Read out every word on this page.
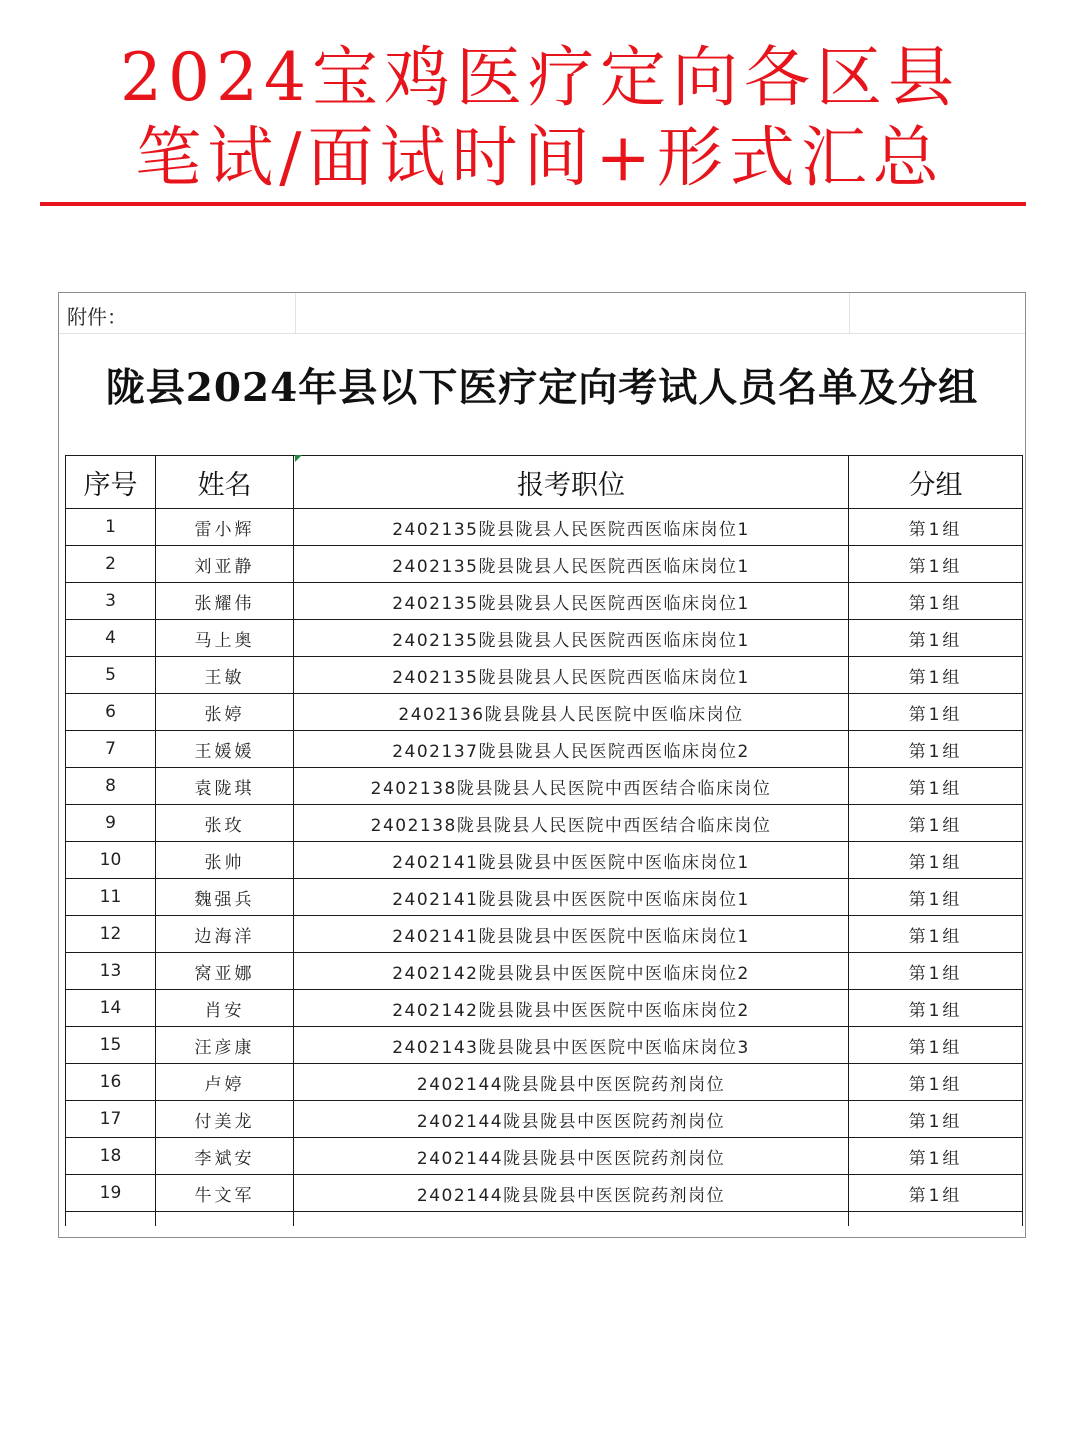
2024宝鸡医疗定向各区县
笔试/面试时间+形式汇总
附件：
陇县2024年县以下医疗定向考试人员名单及分组
序号	姓名	报考职位	分组
1	雷小辉	2402135陇县陇县人民医院西医临床岗位1	第1组
2	刘亚静	2402135陇县陇县人民医院西医临床岗位1	第1组
3	张耀伟	2402135陇县陇县人民医院西医临床岗位1	第1组
4	马上奥	2402135陇县陇县人民医院西医临床岗位1	第1组
5	王敏	2402135陇县陇县人民医院西医临床岗位1	第1组
6	张婷	2402136陇县陇县人民医院中医临床岗位	第1组
7	王媛媛	2402137陇县陇县人民医院西医临床岗位2	第1组
8	袁陇琪	2402138陇县陇县人民医院中西医结合临床岗位	第1组
9	张玫	2402138陇县陇县人民医院中西医结合临床岗位	第1组
10	张帅	2402141陇县陇县中医医院中医临床岗位1	第1组
11	魏强兵	2402141陇县陇县中医医院中医临床岗位1	第1组
12	边海洋	2402141陇县陇县中医医院中医临床岗位1	第1组
13	窝亚娜	2402142陇县陇县中医医院中医临床岗位2	第1组
14	肖安	2402142陇县陇县中医医院中医临床岗位2	第1组
15	汪彦康	2402143陇县陇县中医医院中医临床岗位3	第1组
16	卢婷	2402144陇县陇县中医医院药剂岗位	第1组
17	付美龙	2402144陇县陇县中医医院药剂岗位	第1组
18	李斌安	2402144陇县陇县中医医院药剂岗位	第1组
19	牛文军	2402144陇县陇县中医医院药剂岗位	第1组
